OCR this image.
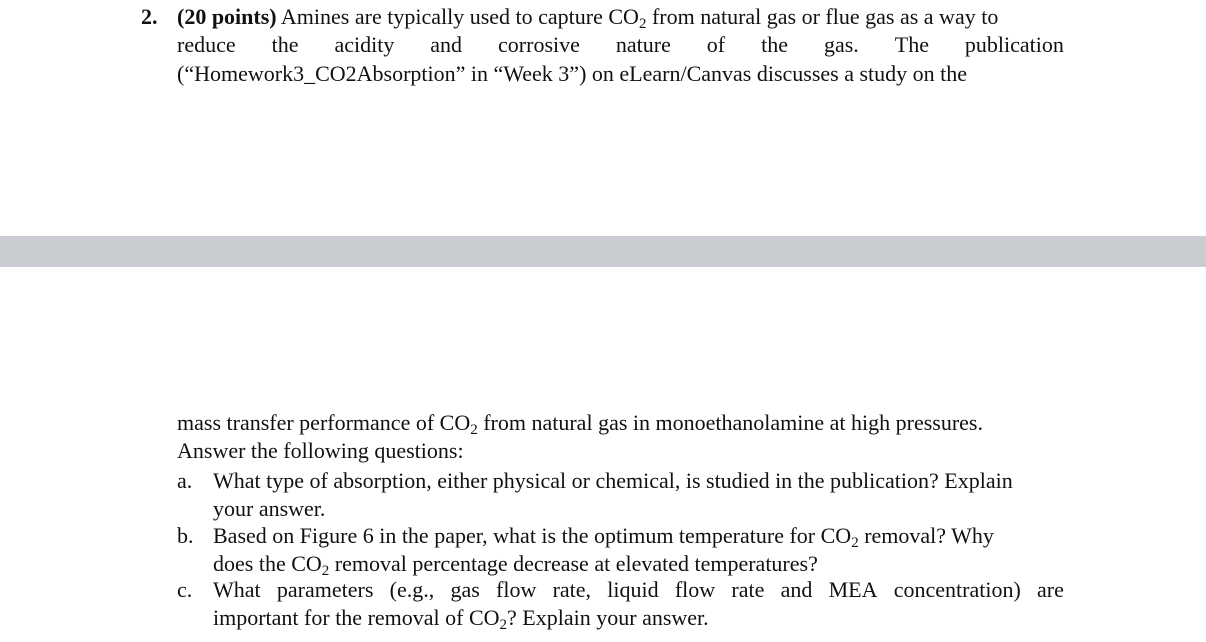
2. (20 points) Amines are typically used to capture $CO_2$ from natural gas or flue gas as a way to
reduce the acidity and corrosive nature of the gas. The publication
(“Homework3_CO2Absorption” in “Week 3”) on eLearn/Canvas discusses a study on the
mass transfer performance of $CO_2$ from natural gas in monoethanolamine at high pressures.
Answer the following questions:
a. What type of absorption, either physical or chemical, is studied in the publication? Explain
your answer.
b. Based on Figure 6 in the paper, what is the optimum temperature for $CO_2$ removal? Why
does the $CO_2$ removal percentage decrease at elevated temperatures?
c. What parameters (e.g., gas flow rate, liquid flow rate and MEA concentration) are
important for the removal of $CO_2$? Explain your answer.
